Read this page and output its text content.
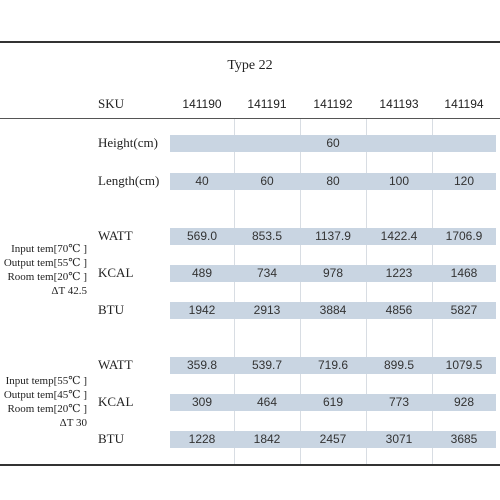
Type 22
SKU	141190	141191	141192	141193	141194
Height(cm)	60
Length(cm)	40	60	80	100	120
Input tem[70℃ ]
Output tem[55℃ ]
Room tem[20℃ ]
ΔT 42.5
WATT	569.0	853.5	1137.9	1422.4	1706.9
KCAL	489	734	978	1223	1468
BTU	1942	2913	3884	4856	5827
Input temp[55℃ ]
Output tem[45℃ ]
Room tem[20℃ ]
ΔT 30
WATT	359.8	539.7	719.6	899.5	1079.5
KCAL	309	464	619	773	928
BTU	1228	1842	2457	3071	3685
